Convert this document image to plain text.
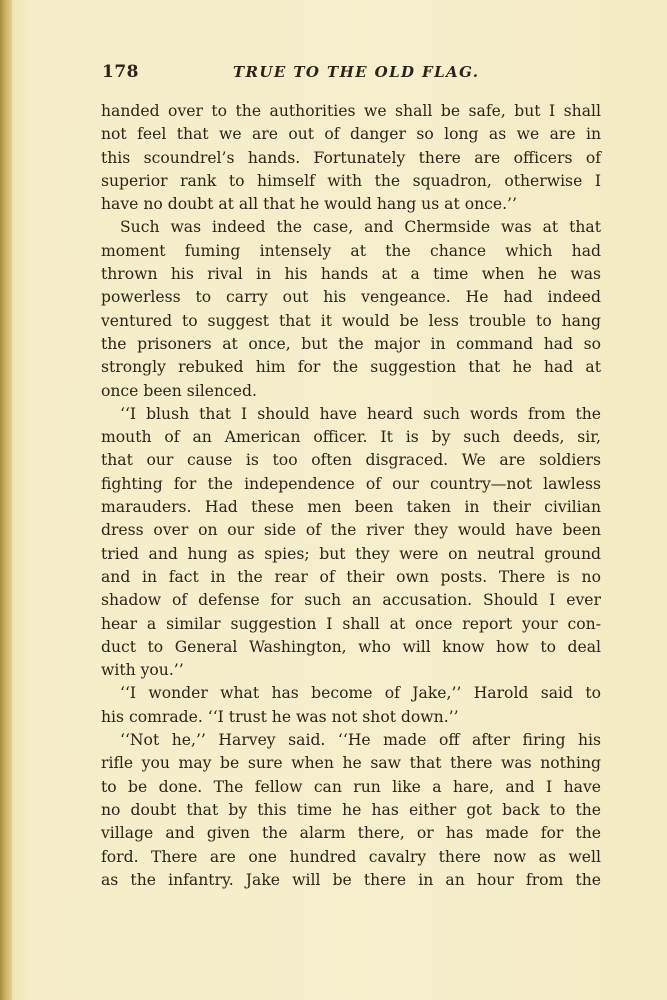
178	TRUE TO THE OLD FLAG.
handed over to the authorities we shall be safe, but I shall
not feel that we are out of danger so long as we are in
this scoundrel’s hands. Fortunately there are officers of
superior rank to himself with the squadron, otherwise I
have no doubt at all that he would hang us at once.’’
Such was indeed the case, and Chermside was at that
moment fuming intensely at the chance which had
thrown his rival in his hands at a time when he was
powerless to carry out his vengeance. He had indeed
ventured to suggest that it would be less trouble to hang
the prisoners at once, but the major in command had so
strongly rebuked him for the suggestion that he had at
once been silenced.
‘‘I blush that I should have heard such words from the
mouth of an American officer. It is by such deeds, sir,
that our cause is too often disgraced. We are soldiers
fighting for the independence of our country—not lawless
marauders. Had these men been taken in their civilian
dress over on our side of the river they would have been
tried and hung as spies; but they were on neutral ground
and in fact in the rear of their own posts. There is no
shadow of defense for such an accusation. Should I ever
hear a similar suggestion I shall at once report your con-
duct to General Washington, who will know how to deal
with you.’’
‘‘I wonder what has become of Jake,’’ Harold said to
his comrade. ‘‘I trust he was not shot down.’’
‘‘Not he,’’ Harvey said. ‘‘He made off after firing his
rifle you may be sure when he saw that there was nothing
to be done. The fellow can run like a hare, and I have
no doubt that by this time he has either got back to the
village and given the alarm there, or has made for the
ford. There are one hundred cavalry there now as well
as the infantry. Jake will be there in an hour from the
